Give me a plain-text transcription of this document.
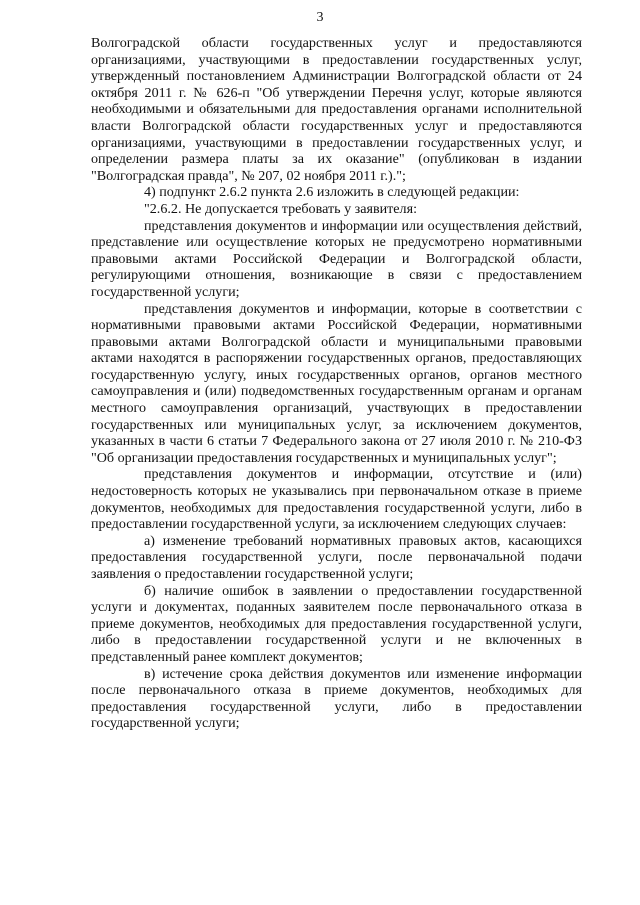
3

Волгоградской области государственных услуг и предоставляются организациями, участвующими в предоставлении государственных услуг, утвержденный постановлением Администрации Волгоградской области от 24 октября 2011 г. № 626-п "Об утверждении Перечня услуг, которые являются необходимыми и обязательными для предоставления органами исполнительной власти Волгоградской области государственных услуг и предоставляются организациями, участвующими в предоставлении государственных услуг, и определении размера платы за их оказание" (опубликован в издании "Волгоградская правда", № 207, 02 ноября 2011 г.).";

4) подпункт 2.6.2 пункта 2.6 изложить в следующей редакции:

"2.6.2. Не допускается требовать у заявителя:

представления документов и информации или осуществления действий, представление или осуществление которых не предусмотрено нормативными правовыми актами Российской Федерации и Волгоградской области, регулирующими отношения, возникающие в связи с предоставлением государственной услуги;

представления документов и информации, которые в соответствии с нормативными правовыми актами Российской Федерации, нормативными правовыми актами Волгоградской области и муниципальными правовыми актами находятся в распоряжении государственных органов, предоставляющих государственную услугу, иных государственных органов, органов местного самоуправления и (или) подведомственных государственным органам и органам местного самоуправления организаций, участвующих в предоставлении государственных или муниципальных услуг, за исключением документов, указанных в части 6 статьи 7 Федерального закона от 27 июля 2010 г. № 210-ФЗ "Об организации предоставления государственных и муниципальных услуг";

представления документов и информации, отсутствие и (или) недостоверность которых не указывались при первоначальном отказе в приеме документов, необходимых для предоставления государственной услуги, либо в предоставлении государственной услуги, за исключением следующих случаев:

а) изменение требований нормативных правовых актов, касающихся предоставления государственной услуги, после первоначальной подачи заявления о предоставлении государственной услуги;

б) наличие ошибок в заявлении о предоставлении государственной услуги и документах, поданных заявителем после первоначального отказа в приеме документов, необходимых для предоставления государственной услуги, либо в предоставлении государственной услуги и не включенных в представленный ранее комплект документов;

в) истечение срока действия документов или изменение информации после первоначального отказа в приеме документов, необходимых для предоставления государственной услуги, либо в предоставлении государственной услуги;
